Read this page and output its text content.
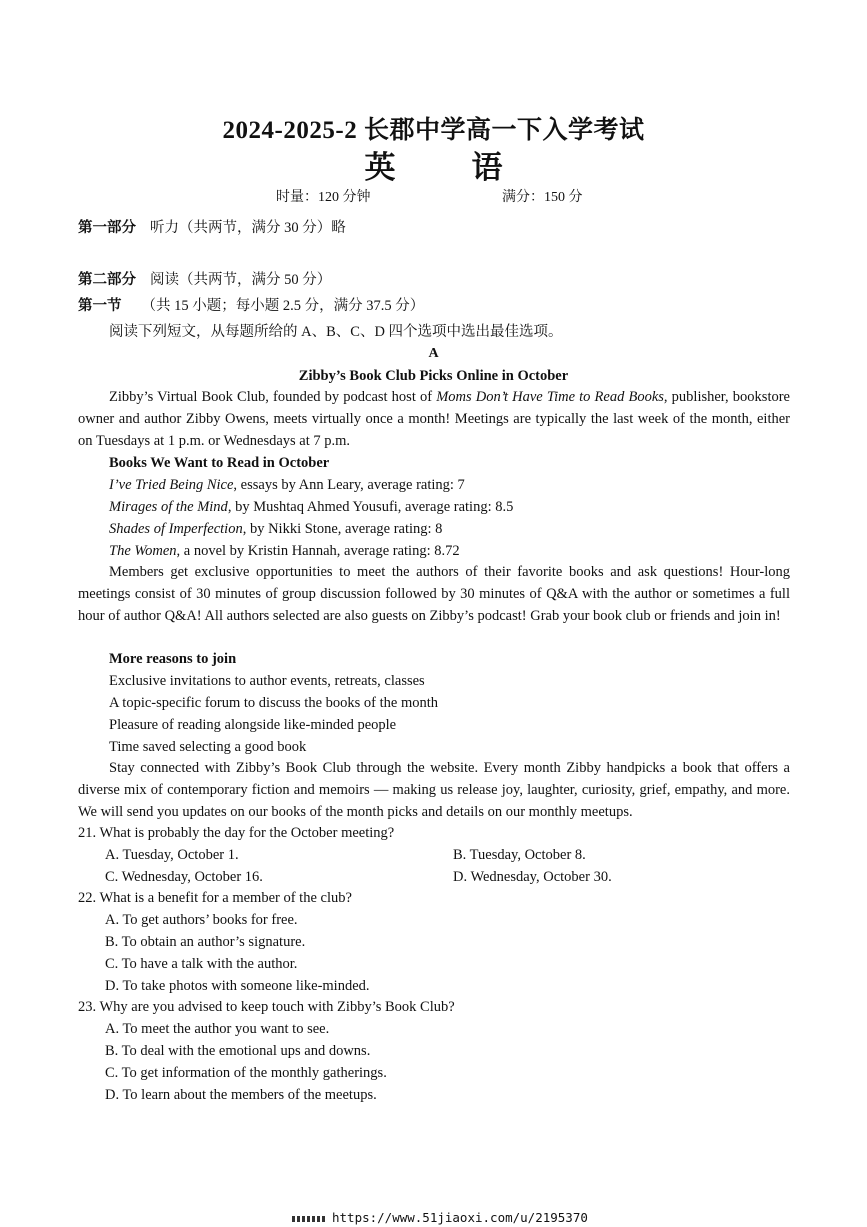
2024-2025-2 长郡中学高一下入学考试
英 语
时量：120 分钟	满分：150 分
第一部分 听力（共两节，满分 30 分）略
第二部分 阅读（共两节，满分 50 分）
第一节 （共 15 小题；每小题 2.5 分，满分 37.5 分）
阅读下列短文，从每题所给的 A、B、C、D 四个选项中选出最佳选项。
A
Zibby’s Book Club Picks Online in October

Zibby’s Virtual Book Club, founded by podcast host of Moms Don’t Have Time to Read Books, publisher, bookstore owner and author Zibby Owens, meets virtually once a month! Meetings are typically the last week of the month, either on Tuesdays at 1 p.m. or Wednesdays at 7 p.m.

Books We Want to Read in October
I’ve Tried Being Nice, essays by Ann Leary, average rating: 7
Mirages of the Mind, by Mushtaq Ahmed Yousufi, average rating: 8.5
Shades of Imperfection, by Nikki Stone, average rating: 8
The Women, a novel by Kristin Hannah, average rating: 8.72

Members get exclusive opportunities to meet the authors of their favorite books and ask questions! Hour-long meetings consist of 30 minutes of group discussion followed by 30 minutes of Q&A with the author or sometimes a full hour of author Q&A! All authors selected are also guests on Zibby’s podcast! Grab your book club or friends and join in!

More reasons to join
Exclusive invitations to author events, retreats, classes
A topic-specific forum to discuss the books of the month
Pleasure of reading alongside like-minded people
Time saved selecting a good book

Stay connected with Zibby’s Book Club through the website. Every month Zibby handpicks a book that offers a diverse mix of contemporary fiction and memoirs — making us release joy, laughter, curiosity, grief, empathy, and more. We will send you updates on our books of the month picks and details on our monthly meetups.

21. What is probably the day for the October meeting?
A. Tuesday, October 1.	B. Tuesday, October 8.
C. Wednesday, October 16.	D. Wednesday, October 30.
22. What is a benefit for a member of the club?
A. To get authors’ books for free.
B. To obtain an author’s signature.
C. To have a talk with the author.
D. To take photos with someone like-minded.
23. Why are you advised to keep touch with Zibby’s Book Club?
A. To meet the author you want to see.
B. To deal with the emotional ups and downs.
C. To get information of the monthly gatherings.
D. To learn about the members of the meetups.
https://www.51jiaoxi.com/u/2195370
